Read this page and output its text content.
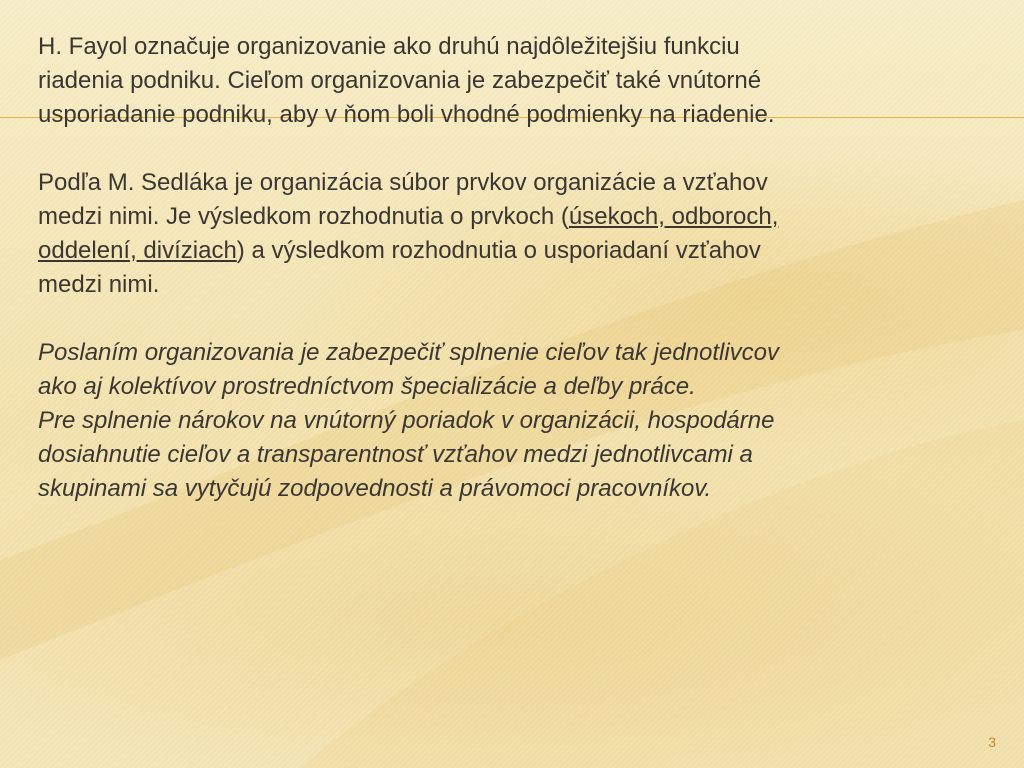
H. Fayol označuje organizovanie ako druhú najdôležitejšiu funkciu riadenia podniku. Cieľom organizovania je zabezpečiť také vnútorné usporiadanie podniku, aby v ňom boli vhodné podmienky na riadenie.

Podľa M. Sedláka je organizácia súbor prvkov organizácie a vzťahov medzi nimi. Je výsledkom rozhodnutia o prvkoch (úsekoch, odboroch, oddelení, divíziach) a výsledkom rozhodnutia o usporiadaní vzťahov medzi nimi.

Poslaním organizovania je zabezpečiť splnenie cieľov tak jednotlivcov ako aj kolektívov prostredníctvom špecializácie a deľby práce.

Pre splnenie nárokov na vnútorný poriadok v organizácii, hospodárne dosiahnutie cieľov a transparentnosť vzťahov medzi jednotlivcami a skupinami sa vytyčujú zodpovednosti a právomoci pracovníkov.

3
